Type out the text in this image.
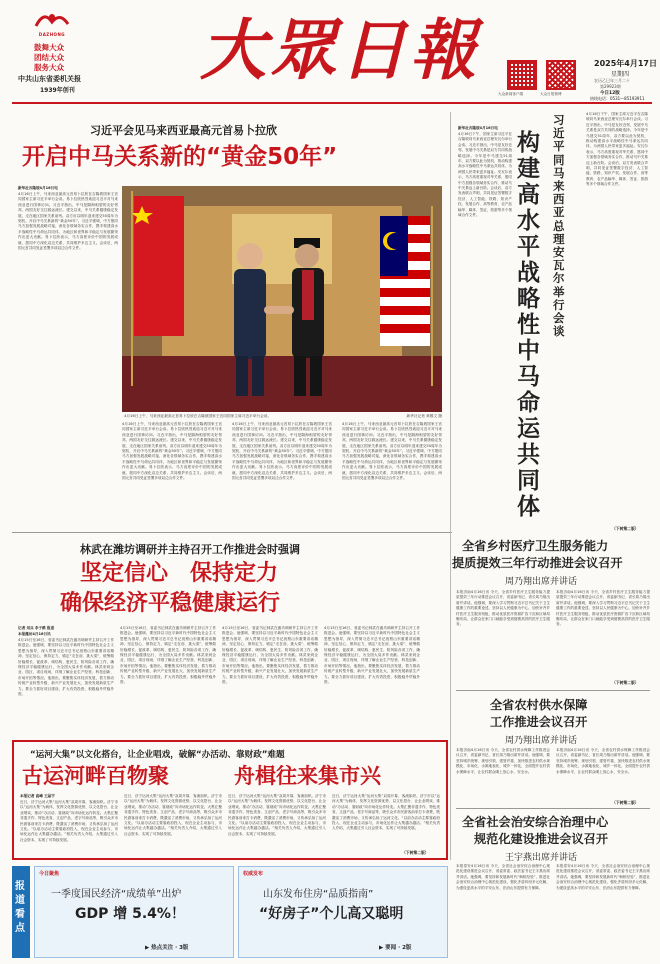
DAZHONG
鼓舞大众
团结大众
服务大众
中共山东省委机关报
1939年创刊
大眾日報
大众新闻客户端	大众日报微博
2025年4月17日
星期四
农历乙巳年三月二十
第29923期
今日12版
热线电话：0531—85193911
习近平会见马来西亚最高元首易卜拉欣
开启中马关系新的“黄金50年”
新华社吉隆坡4月16日电
4月16日上午，马来西亚最高元首易卜拉欣在吉隆坡国家王宫同国家主席习近平举行会谈。易卜拉欣热烈欢迎习近平对马来西亚进行国事访问。习近平指出，中马是隔海相望的友好邻邦，两国友好交往源远流长。建交以来，中马关系健康稳定发展，走在地区国家关系前列。双方应以明年迎来建交50周年为契机，开启中马关系新的“黄金50年”。习近平强调，中方愿同马方加强发展战略对接，深化各领域务实合作，携手构建高水平战略性中马命运共同体，为地区和世界和平稳定与发展繁荣作出更大贡献。易卜拉欣表示，马方高度评价中国的发展成就，愿同中方深化双边关系，共同维护多边主义。会谈后，两国元首共同见证签署多项双边合作文件。
4月16日上午，马来西亚最高元首易卜拉欣在吉隆坡国家王宫同国家主席习近平举行会谈。	新华社记者 黄敬文 摄
4月16日上午，马来西亚最高元首易卜拉欣在吉隆坡国家王宫同国家主席习近平举行会谈。易卜拉欣热烈欢迎习近平对马来西亚进行国事访问。习近平指出，中马是隔海相望的友好邻邦，两国友好交往源远流长。建交以来，中马关系健康稳定发展，走在地区国家关系前列。双方应以明年迎来建交50周年为契机，开启中马关系新的“黄金50年”。习近平强调，中方愿同马方加强发展战略对接，深化各领域务实合作，携手构建高水平战略性中马命运共同体，为地区和世界和平稳定与发展繁荣作出更大贡献。易卜拉欣表示，马方高度评价中国的发展成就，愿同中方深化双边关系，共同维护多边主义。会谈后，两国元首共同见证签署多项双边合作文件。
4月16日上午，马来西亚最高元首易卜拉欣在吉隆坡国家王宫同国家主席习近平举行会谈。易卜拉欣热烈欢迎习近平对马来西亚进行国事访问。习近平指出，中马是隔海相望的友好邻邦，两国友好交往源远流长。建交以来，中马关系健康稳定发展，走在地区国家关系前列。双方应以明年迎来建交50周年为契机，开启中马关系新的“黄金50年”。习近平强调，中方愿同马方加强发展战略对接，深化各领域务实合作，携手构建高水平战略性中马命运共同体，为地区和世界和平稳定与发展繁荣作出更大贡献。易卜拉欣表示，马方高度评价中国的发展成就，愿同中方深化双边关系，共同维护多边主义。会谈后，两国元首共同见证签署多项双边合作文件。
4月16日上午，马来西亚最高元首易卜拉欣在吉隆坡国家王宫同国家主席习近平举行会谈。易卜拉欣热烈欢迎习近平对马来西亚进行国事访问。习近平指出，中马是隔海相望的友好邻邦，两国友好交往源远流长。建交以来，中马关系健康稳定发展，走在地区国家关系前列。双方应以明年迎来建交50周年为契机，开启中马关系新的“黄金50年”。习近平强调，中方愿同马方加强发展战略对接，深化各领域务实合作，携手构建高水平战略性中马命运共同体，为地区和世界和平稳定与发展繁荣作出更大贡献。易卜拉欣表示，马方高度评价中国的发展成就，愿同中方深化双边关系，共同维护多边主义。会谈后，两国元首共同见证签署多项双边合作文件。
习近平同马来西亚总理安瓦尔举行会谈
构建高水平战略性中马命运共同体
新华社吉隆坡4月16日电
4月16日下午，国家主席习近平在吉隆坡同马来西亚总理安瓦尔举行会谈。习近平指出，中马是友好近邻，发展中马关系是双方共同的战略选择。今年是中马建交51周年，双方要以此为契机，推动构建高水平战略性中马命运共同体，为两国人民带来更多福祉。安瓦尔表示，马方高度重视对华关系，愿同中方加强各领域务实合作，推动马中关系迈上新台阶。会谈后，双方发表联合声明，共同见证签署数字经济、人工智能、铁路、知识产权、发展合作、高等教育、农产品输华、媒体、签证、旅游等多个领域合作文件。
4月16日下午，国家主席习近平在吉隆坡同马来西亚总理安瓦尔举行会谈。习近平指出，中马是友好近邻，发展中马关系是双方共同的战略选择。今年是中马建交51周年，双方要以此为契机，推动构建高水平战略性中马命运共同体，为两国人民带来更多福祉。安瓦尔表示，马方高度重视对华关系，愿同中方加强各领域务实合作，推动马中关系迈上新台阶。会谈后，双方发表联合声明，共同见证签署数字经济、人工智能、铁路、知识产权、发展合作、高等教育、农产品输华、媒体、签证、旅游等多个领域合作文件。
（下转第二版）
林武在潍坊调研并主持召开工作推进会时强调
坚定信心　保持定力
确保经济平稳健康运行
记者 刘兵 李子路 报道
本报潍坊4月16日讯
4月15日至16日，省委书记林武在潍坊调研并主持召开工作推进会。他强调，要坚持以习近平新时代中国特色社会主义思想为指导，深入贯彻习近平总书记视察山东重要讲话精神，坚定信心、保持定力，锚定“走在前、挑大梁”，统筹做好稳增长、促改革、调结构、惠民生、防风险各项工作，确保经济平稳健康运行，为全国大局多作贡献。林武来到企业、园区、项目现场，详细了解企业生产经营、科技创新、市场开拓等情况。他指出，要聚焦实体经济发展，着力推动传统产业转型升级、新兴产业发展壮大，加快发展新质生产力。要全力抓好项目建设，扩大有效投资，积极稳外贸稳外资。
4月15日至16日，省委书记林武在潍坊调研并主持召开工作推进会。他强调，要坚持以习近平新时代中国特色社会主义思想为指导，深入贯彻习近平总书记视察山东重要讲话精神，坚定信心、保持定力，锚定“走在前、挑大梁”，统筹做好稳增长、促改革、调结构、惠民生、防风险各项工作，确保经济平稳健康运行，为全国大局多作贡献。林武来到企业、园区、项目现场，详细了解企业生产经营、科技创新、市场开拓等情况。他指出，要聚焦实体经济发展，着力推动传统产业转型升级、新兴产业发展壮大，加快发展新质生产力。要全力抓好项目建设，扩大有效投资，积极稳外贸稳外资。
4月15日至16日，省委书记林武在潍坊调研并主持召开工作推进会。他强调，要坚持以习近平新时代中国特色社会主义思想为指导，深入贯彻习近平总书记视察山东重要讲话精神，坚定信心、保持定力，锚定“走在前、挑大梁”，统筹做好稳增长、促改革、调结构、惠民生、防风险各项工作，确保经济平稳健康运行，为全国大局多作贡献。林武来到企业、园区、项目现场，详细了解企业生产经营、科技创新、市场开拓等情况。他指出，要聚焦实体经济发展，着力推动传统产业转型升级、新兴产业发展壮大，加快发展新质生产力。要全力抓好项目建设，扩大有效投资，积极稳外贸稳外资。
4月15日至16日，省委书记林武在潍坊调研并主持召开工作推进会。他强调，要坚持以习近平新时代中国特色社会主义思想为指导，深入贯彻习近平总书记视察山东重要讲话精神，坚定信心、保持定力，锚定“走在前、挑大梁”，统筹做好稳增长、促改革、调结构、惠民生、防风险各项工作，确保经济平稳健康运行，为全国大局多作贡献。林武来到企业、园区、项目现场，详细了解企业生产经营、科技创新、市场开拓等情况。他指出，要聚焦实体经济发展，着力推动传统产业转型升级、新兴产业发展壮大，加快发展新质生产力。要全力抓好项目建设，扩大有效投资，积极稳外贸稳外资。
“运河大集”以文化搭台，让企业唱戏，破解“办活动、靠财政”难题
古运河畔百物聚	舟楫往来集市兴
本报记者 高峰 王晶宇
近日，济宁运河大集“运河大集”双周开幕，客流如织。济宁市以“运河大集”为载体，发挥文化资源优势，以文化搭台、让企业唱戏，推动“办活动、靠财政”向市场化运作转变。大集汇聚非遗手作、特色美食、文创产品、老字号商品等，吸引众多市民游客前来打卡消费，既激活了消费市场，又传承弘扬了运河文化。“以前办活动主要靠政府投入，现在企业主动参与，市场化运作让大集越办越活。”相关负责人介绍，大集通过引入社会资本，实现了可持续发展。
近日，济宁运河大集“运河大集”双周开幕，客流如织。济宁市以“运河大集”为载体，发挥文化资源优势，以文化搭台、让企业唱戏，推动“办活动、靠财政”向市场化运作转变。大集汇聚非遗手作、特色美食、文创产品、老字号商品等，吸引众多市民游客前来打卡消费，既激活了消费市场，又传承弘扬了运河文化。“以前办活动主要靠政府投入，现在企业主动参与，市场化运作让大集越办越活。”相关负责人介绍，大集通过引入社会资本，实现了可持续发展。
近日，济宁运河大集“运河大集”双周开幕，客流如织。济宁市以“运河大集”为载体，发挥文化资源优势，以文化搭台、让企业唱戏，推动“办活动、靠财政”向市场化运作转变。大集汇聚非遗手作、特色美食、文创产品、老字号商品等，吸引众多市民游客前来打卡消费，既激活了消费市场，又传承弘扬了运河文化。“以前办活动主要靠政府投入，现在企业主动参与，市场化运作让大集越办越活。”相关负责人介绍，大集通过引入社会资本，实现了可持续发展。
近日，济宁运河大集“运河大集”双周开幕，客流如织。济宁市以“运河大集”为载体，发挥文化资源优势，以文化搭台、让企业唱戏，推动“办活动、靠财政”向市场化运作转变。大集汇聚非遗手作、特色美食、文创产品、老字号商品等，吸引众多市民游客前来打卡消费，既激活了消费市场，又传承弘扬了运河文化。“以前办活动主要靠政府投入，现在企业主动参与，市场化运作让大集越办越活。”相关负责人介绍，大集通过引入社会资本，实现了可持续发展。
（下转第二版）
全省乡村医疗卫生服务能力
提质提效三年行动推进会议召开
周乃翔出席并讲话
本报济南4月16日讯 今天，全省乡村医疗卫生服务能力提质提效三年行动推进会议召开，省委副书记、省长周乃翔出席并讲话。他强调，要深入学习贯彻习近平总书记关于卫生健康工作的重要论述，坚持以人民健康为中心，加快补齐乡村医疗卫生服务短板，推动优质医疗资源扩容下沉和区域均衡布局，让群众在家门口就能享受到便捷高效的医疗卫生服务。
本报济南4月16日讯 今天，全省乡村医疗卫生服务能力提质提效三年行动推进会议召开，省委副书记、省长周乃翔出席并讲话。他强调，要深入学习贯彻习近平总书记关于卫生健康工作的重要论述，坚持以人民健康为中心，加快补齐乡村医疗卫生服务短板，推动优质医疗资源扩容下沉和区域均衡布局，让群众在家门口就能享受到便捷高效的医疗卫生服务。
（下转第二版）
全省农村供水保障
工作推进会议召开
周乃翔出席并讲话
本报济南4月16日讯 今天，全省农村供水保障工作推进会议召开，省委副书记、省长周乃翔出席并讲话。他强调，要坚持城乡统筹、规划引领、建管并重，加快推进农村供水规模化、市场化、水源地表化、城乡一体化，全面提升农村供水保障水平，让农村群众喝上放心水、安全水。
本报济南4月16日讯 今天，全省农村供水保障工作推进会议召开，省委副书记、省长周乃翔出席并讲话。他强调，要坚持城乡统筹、规划引领、建管并重，加快推进农村供水规模化、市场化、水源地表化、城乡一体化，全面提升农村供水保障水平，让农村群众喝上放心水、安全水。
（下转第二版）
全省社会治安综合治理中心
规范化建设推进会议召开
王宇燕出席并讲话
本报泰安4月16日讯 今天，全省社会治安综合治理中心规范化建设推进会议召开，省委常委、政法委书记王宇燕出席并讲话。她强调，要坚持和发展新时代“枫桥经验”，推进社会治安综合治理中心规范化建设，强化矛盾纠纷多元化解，为建设更高水平的平安山东、法治山东提供有力保障。
本报泰安4月16日讯 今天，全省社会治安综合治理中心规范化建设推进会议召开，省委常委、政法委书记王宇燕出席并讲话。她强调，要坚持和发展新时代“枫桥经验”，推进社会治安综合治理中心规范化建设，强化矛盾纠纷多元化解，为建设更高水平的平安山东、法治山东提供有力保障。
报道看点
今日聚焦
一季度国民经济“成绩单”出炉
GDP 增 5.4%！
▶ 热点关注 · 3版
权威发布
山东发布住房“品质指南”
“好房子”个儿高又聪明
▶ 要闻 · 2版
